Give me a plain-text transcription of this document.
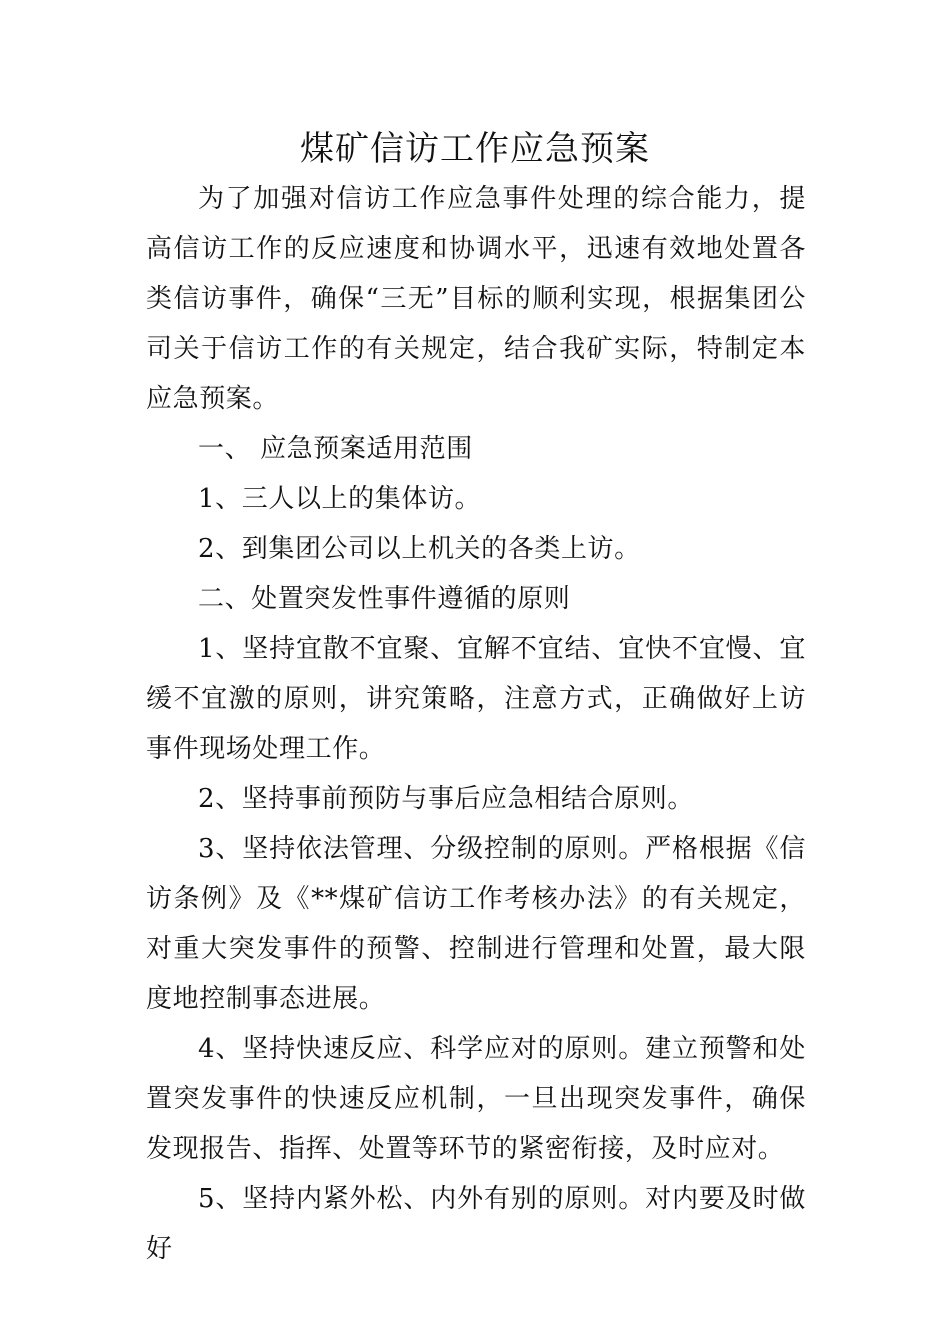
煤矿信访工作应急预案

为了加强对信访工作应急事件处理的综合能力，提高信访工作的反应速度和协调水平，迅速有效地处置各类信访事件，确保“三无”目标的顺利实现，根据集团公司关于信访工作的有关规定，结合我矿实际，特制定本应急预案。

一、 应急预案适用范围

1、三人以上的集体访。

2、到集团公司以上机关的各类上访。

二、处置突发性事件遵循的原则

1、坚持宜散不宜聚、宜解不宜结、宜快不宜慢、宜缓不宜激的原则，讲究策略，注意方式，正确做好上访事件现场处理工作。

2、坚持事前预防与事后应急相结合原则。

3、坚持依法管理、分级控制的原则。严格根据《信访条例》及《**煤矿信访工作考核办法》的有关规定，对重大突发事件的预警、控制进行管理和处置，最大限度地控制事态进展。

4、坚持快速反应、科学应对的原则。建立预警和处置突发事件的快速反应机制，一旦出现突发事件，确保发现报告、指挥、处置等环节的紧密衔接，及时应对。

5、坚持内紧外松、内外有别的原则。对内要及时做好
